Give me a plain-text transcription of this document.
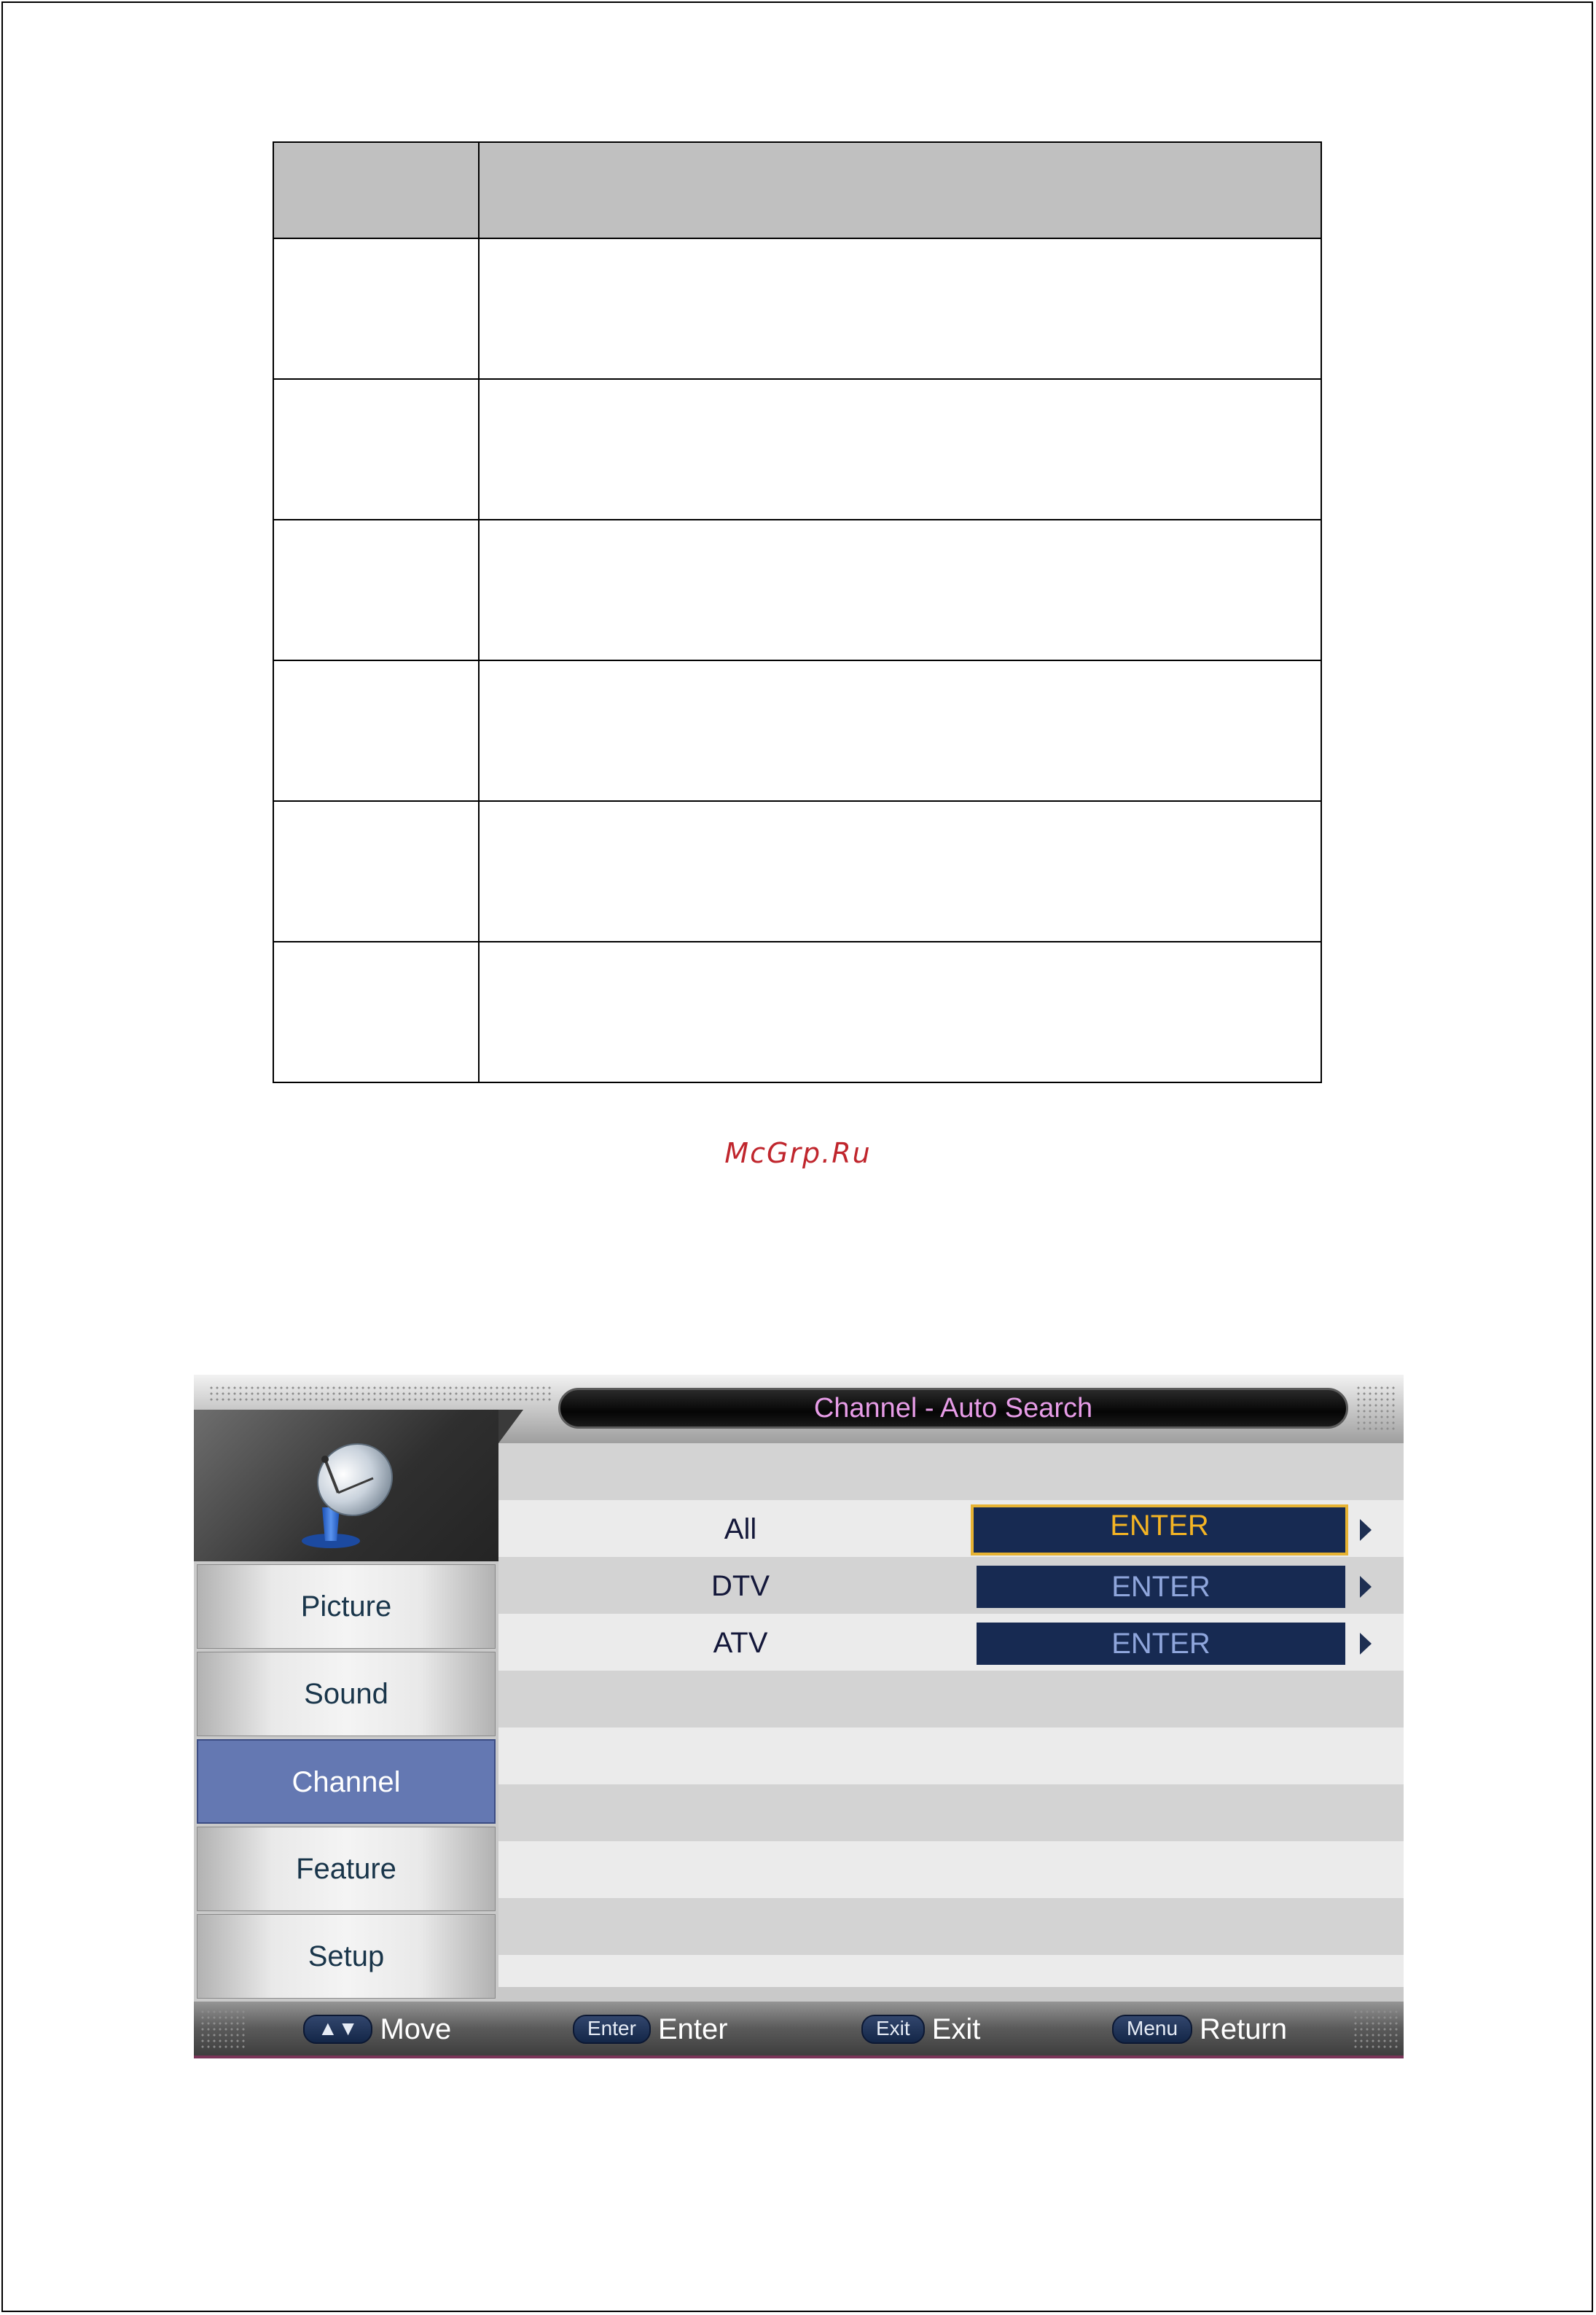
McGrp.Ru
Channel - Auto Search
Picture
Sound
Channel
Feature
Setup
All	ENTER
DTV	ENTER
ATV	ENTER
▲▼ Move	Enter Enter	Exit Exit	Menu Return
